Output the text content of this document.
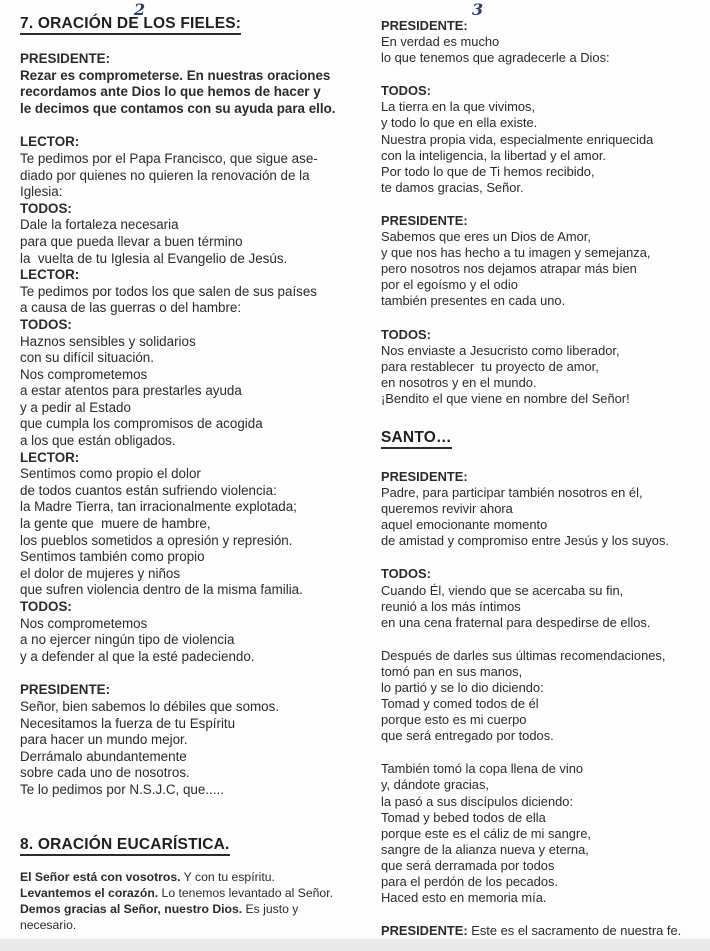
2	3
7. ORACIÓN DE LOS FIELES:
PRESIDENTE:
Rezar es comprometerse. En nuestras oraciones
recordamos ante Dios lo que hemos de hacer y
le decimos que contamos con su ayuda para ello.
LECTOR:
Te pedimos por el Papa Francisco, que sigue ase-
diado por quienes no quieren la renovación de la
Iglesia:
TODOS:
Dale la fortaleza necesaria
para que pueda llevar a buen término
la  vuelta de tu Iglesia al Evangelio de Jesús.
LECTOR:
Te pedimos por todos los que salen de sus países
a causa de las guerras o del hambre:
TODOS:
Haznos sensibles y solidarios
con su difícil situación.
Nos comprometemos
a estar atentos para prestarles ayuda
y a pedir al Estado
que cumpla los compromisos de acogida
a los que están obligados.
LECTOR:
Sentimos como propio el dolor
de todos cuantos están sufriendo violencia:
la Madre Tierra, tan irracionalmente explotada;
la gente que  muere de hambre,
los pueblos sometidos a opresión y represión.
Sentimos también como propio
el dolor de mujeres y niños
que sufren violencia dentro de la misma familia.
TODOS:
Nos comprometemos
a no ejercer ningún tipo de violencia
y a defender al que la esté padeciendo.
PRESIDENTE:
Señor, bien sabemos lo débiles que somos.
Necesitamos la fuerza de tu Espíritu
para hacer un mundo mejor.
Derrámalo abundantemente
sobre cada uno de nosotros.
Te lo pedimos por N.S.J.C, que.....
8. ORACIÓN EUCARÍSTICA.
El Señor está con vosotros. Y con tu espíritu.
Levantemos el corazón. Lo tenemos levantado al Señor.
Demos gracias al Señor, nuestro Dios. Es justo y necesario.
PRESIDENTE:
En verdad es mucho
lo que tenemos que agradecerle a Dios:
TODOS:
La tierra en la que vivimos,
y todo lo que en ella existe.
Nuestra propia vida, especialmente enriquecida
con la inteligencia, la libertad y el amor.
Por todo lo que de Ti hemos recibido,
te damos gracias, Señor.
PRESIDENTE:
Sabemos que eres un Dios de Amor,
y que nos has hecho a tu imagen y semejanza,
pero nosotros nos dejamos atrapar más bien
por el egoísmo y el odio
también presentes en cada uno.
TODOS:
Nos enviaste a Jesucristo como liberador,
para restablecer  tu proyecto de amor,
en nosotros y en el mundo.
¡Bendito el que viene en nombre del Señor!
SANTO…
PRESIDENTE:
Padre, para participar también nosotros en él,
queremos revivir ahora
aquel emocionante momento
de amistad y compromiso entre Jesús y los suyos.
TODOS:
Cuando Él, viendo que se acercaba su fin,
reunió a los más íntimos
en una cena fraternal para despedirse de ellos.
Después de darles sus últimas recomendaciones,
tomó pan en sus manos,
lo partió y se lo dio diciendo:
Tomad y comed todos de él
porque esto es mi cuerpo
que será entregado por todos.
También tomó la copa llena de vino
y, dándote gracias,
la pasó a sus discípulos diciendo:
Tomad y bebed todos de ella
porque este es el cáliz de mi sangre,
sangre de la alianza nueva y eterna,
que será derramada por todos
para el perdón de los pecados.
Haced esto en memoria mía.
PRESIDENTE: Este es el sacramento de nuestra fe.
